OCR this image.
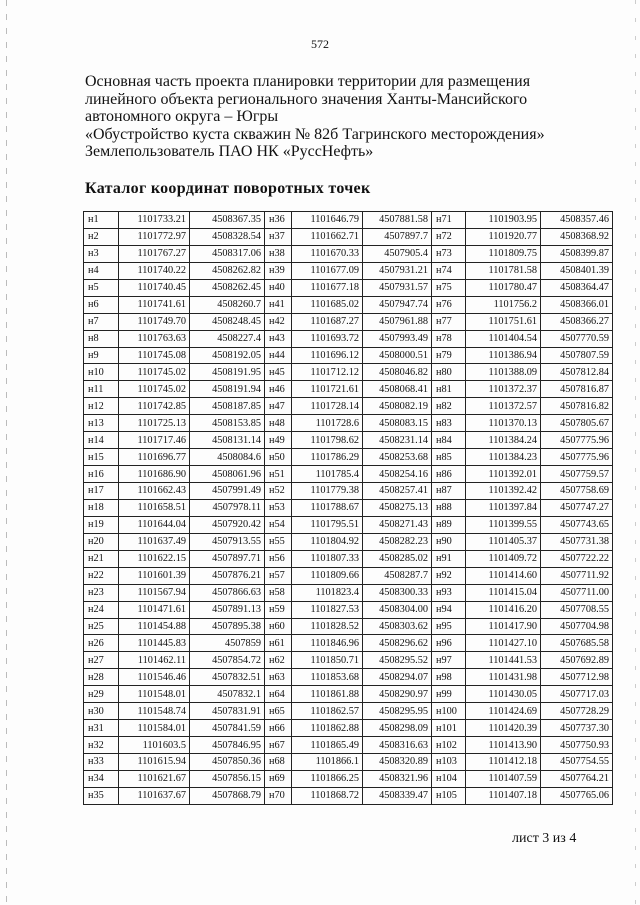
572
Основная часть проекта планировки территории для размещения
линейного объекта регионального значения Ханты-Мансийского
автономного округа – Югры
«Обустройство куста скважин № 82б Тагринского месторождения»
Землепользователь ПАО НК «РуссНефть»
Каталог координат поворотных точек
н1	1101733.21	4508367.35	н36	1101646.79	4507881.58	н71	1101903.95	4508357.46
н2	1101772.97	4508328.54	н37	1101662.71	4507897.7	н72	1101920.77	4508368.92
н3	1101767.27	4508317.06	н38	1101670.33	4507905.4	н73	1101809.75	4508399.87
н4	1101740.22	4508262.82	н39	1101677.09	4507931.21	н74	1101781.58	4508401.39
н5	1101740.45	4508262.45	н40	1101677.18	4507931.57	н75	1101780.47	4508364.47
н6	1101741.61	4508260.7	н41	1101685.02	4507947.74	н76	1101756.2	4508366.01
н7	1101749.70	4508248.45	н42	1101687.27	4507961.88	н77	1101751.61	4508366.27
н8	1101763.63	4508227.4	н43	1101693.72	4507993.49	н78	1101404.54	4507770.59
н9	1101745.08	4508192.05	н44	1101696.12	4508000.51	н79	1101386.94	4507807.59
н10	1101745.02	4508191.95	н45	1101712.12	4508046.82	н80	1101388.09	4507812.84
н11	1101745.02	4508191.94	н46	1101721.61	4508068.41	н81	1101372.37	4507816.87
н12	1101742.85	4508187.85	н47	1101728.14	4508082.19	н82	1101372.57	4507816.82
н13	1101725.13	4508153.85	н48	1101728.6	4508083.15	н83	1101370.13	4507805.67
н14	1101717.46	4508131.14	н49	1101798.62	4508231.14	н84	1101384.24	4507775.96
н15	1101696.77	4508084.6	н50	1101786.29	4508253.68	н85	1101384.23	4507775.96
н16	1101686.90	4508061.96	н51	1101785.4	4508254.16	н86	1101392.01	4507759.57
н17	1101662.43	4507991.49	н52	1101779.38	4508257.41	н87	1101392.42	4507758.69
н18	1101658.51	4507978.11	н53	1101788.67	4508275.13	н88	1101397.84	4507747.27
н19	1101644.04	4507920.42	н54	1101795.51	4508271.43	н89	1101399.55	4507743.65
н20	1101637.49	4507913.55	н55	1101804.92	4508282.23	н90	1101405.37	4507731.38
н21	1101622.15	4507897.71	н56	1101807.33	4508285.02	н91	1101409.72	4507722.22
н22	1101601.39	4507876.21	н57	1101809.66	4508287.7	н92	1101414.60	4507711.92
н23	1101567.94	4507866.63	н58	1101823.4	4508300.33	н93	1101415.04	4507711.00
н24	1101471.61	4507891.13	н59	1101827.53	4508304.00	н94	1101416.20	4507708.55
н25	1101454.88	4507895.38	н60	1101828.52	4508303.62	н95	1101417.90	4507704.98
н26	1101445.83	4507859	н61	1101846.96	4508296.62	н96	1101427.10	4507685.58
н27	1101462.11	4507854.72	н62	1101850.71	4508295.52	н97	1101441.53	4507692.89
н28	1101546.46	4507832.51	н63	1101853.68	4508294.07	н98	1101431.98	4507712.98
н29	1101548.01	4507832.1	н64	1101861.88	4508290.97	н99	1101430.05	4507717.03
н30	1101548.74	4507831.91	н65	1101862.57	4508295.95	н100	1101424.69	4507728.29
н31	1101584.01	4507841.59	н66	1101862.88	4508298.09	н101	1101420.39	4507737.30
н32	1101603.5	4507846.95	н67	1101865.49	4508316.63	н102	1101413.90	4507750.93
н33	1101615.94	4507850.36	н68	1101866.1	4508320.89	н103	1101412.18	4507754.55
н34	1101621.67	4507856.15	н69	1101866.25	4508321.96	н104	1101407.59	4507764.21
н35	1101637.67	4507868.79	н70	1101868.72	4508339.47	н105	1101407.18	4507765.06
лист 3 из 4
